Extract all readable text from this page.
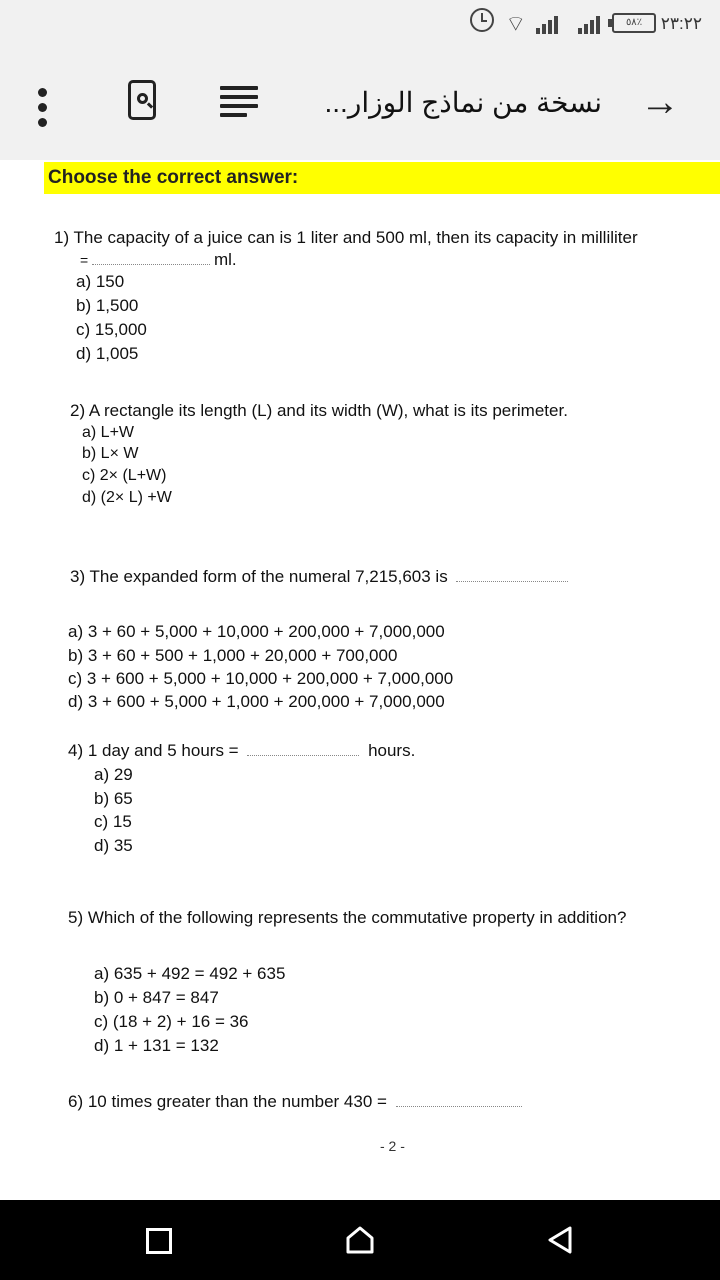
⌔	٥٨٪	٢٣:٢٢
→
نسخة من نماذج الوزار...
Choose the correct answer:
1) The capacity of a juice can is 1 liter and 500 ml, then its capacity in milliliter
=	ml.
a) 150
b) 1,500
c) 15,000
d) 1,005
2) A rectangle its length (L) and its width (W), what is its perimeter.
a) L+W
b) L× W
c) 2× (L+W)
d) (2× L) +W
3) The expanded form of the numeral 7,215,603 is
a) 3 + 60 + 5,000 + 10,000 + 200,000 + 7,000,000
b) 3 + 60 + 500 + 1,000 + 20,000 + 700,000
c) 3 + 600 + 5,000 + 10,000 + 200,000 + 7,000,000
d) 3 + 600 + 5,000 + 1,000 + 200,000 + 7,000,000
4) 1 day and 5 hours =	hours.
a) 29
b) 65
c) 15
d) 35
5) Which of the following represents the commutative property in addition?
a) 635 + 492 = 492 + 635
b) 0 + 847 = 847
c) (18 + 2) + 16 = 36
d) 1 + 131 = 132
6) 10 times greater than the number 430 =
- 2 -
